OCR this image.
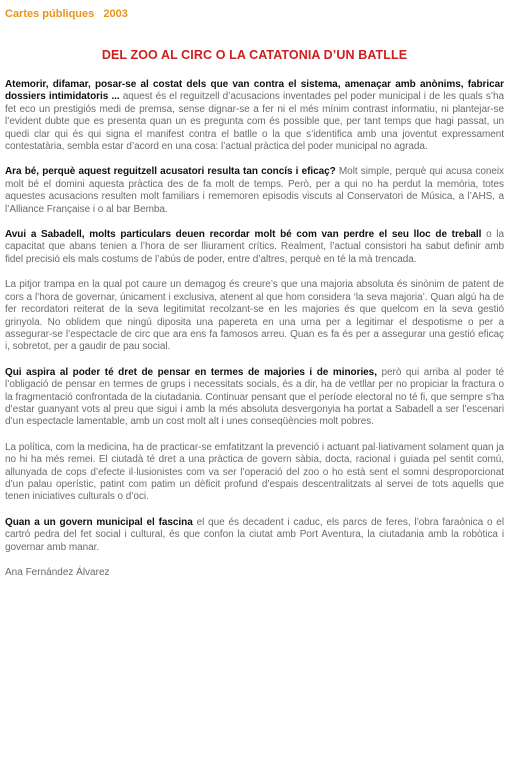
Cartes públiques   2003
DEL ZOO AL CIRC O LA CATATONIA D’UN BATLLE

Atemorir, difamar, posar-se al costat dels que van contra el sistema, amenaçar amb anònims, fabricar dossiers intimidatoris ... aquest és el reguitzell d’acusacions inventades pel poder municipal i de les quals s’ha fet eco un prestigiós medi de premsa, sense dignar-se a fer ni el més mínim contrast informatiu, ni plantejar-se l’evident dubte que es presenta quan un es pregunta com és possible que, per tant temps que hagi passat, un quedi clar qui és qui signa el manifest contra el batlle o la que s’identifica amb una joventut expressament contestatària, sembla estar d’acord en una cosa: l’actual pràctica del poder municipal no agrada.

Ara bé, perquè aquest reguitzell acusatori resulta tan concís i eficaç? Molt simple, perquè qui acusa coneix molt bé el domini aquesta pràctica des de fa molt de temps. Però, per a qui no ha perdut la memòria, totes aquestes acusacions resulten molt familiars i rememoren episodis viscuts al Conservatori de Música, a l’AHS, a l’Alliance Française i o al bar Bemba.

Avui a Sabadell, molts particulars deuen recordar molt bé com van perdre el seu lloc de treball o la capacitat que abans tenien a l’hora de ser lliurament crítics. Realment, l’actual consistori ha sabut definir amb fidel precisió els mals costums de l’abús de poder, entre d’altres, perquè en té la mà trencada.

La pitjor trampa en la qual pot caure un demagog és creure’s que una majoria absoluta és sinònim de patent de cors a l’hora de governar, únicament i exclusiva, atenent al que hom considera ‘la seva majoria’. Quan algú ha de fer recordatori reiterat de la seva legitimitat recolzant-se en les majories és que quelcom en la seva gestió grinyola. No oblidem que ningú diposita una papereta en una urna per a legitimar el despotisme o per a assegurar-se l’espectacle de circ que ara ens fa famosos arreu. Quan es fa és per a assegurar una gestió eficaç i, sobretot, per a gaudir de pau social.

Qui aspira al poder té dret de pensar en termes de majories i de minories, però qui arriba al poder té l’obligació de pensar en termes de grups i necessitats socials, és a dir, ha de vetllar per no propiciar la fractura o la fragmentació confrontada de la ciutadania. Continuar pensant que el període electoral no té fi, que sempre s’ha d’estar guanyant vots al preu que sigui i amb la més absoluta desvergonyia ha portat a Sabadell a ser l’escenari d’un espectacle lamentable, amb un cost molt alt i unes conseqüències molt pobres.

La política, com la medicina, ha de practicar-se emfatitzant la prevenció i actuant pal·liativament solament quan ja no hi ha més remei. El ciutadà té dret a una pràctica de govern sàbia, docta, racional i guiada pel sentit comú, allunyada de cops d’efecte il·lusionistes com va ser l’operació del zoo o ho està sent el somni desproporcionat d’un palau operístic, patint com patim un dèficit profund d’espais descentralitzats al servei de tots aquells que tenen iniciatives culturals o d’oci.

Quan a un govern municipal el fascina el que és decadent i caduc, els parcs de feres, l’obra faraònica o el cartró pedra del fet social i cultural, és que confon la ciutat amb Port Aventura, la ciutadania amb la robòtica i governar amb manar.

Ana Fernández Álvarez
